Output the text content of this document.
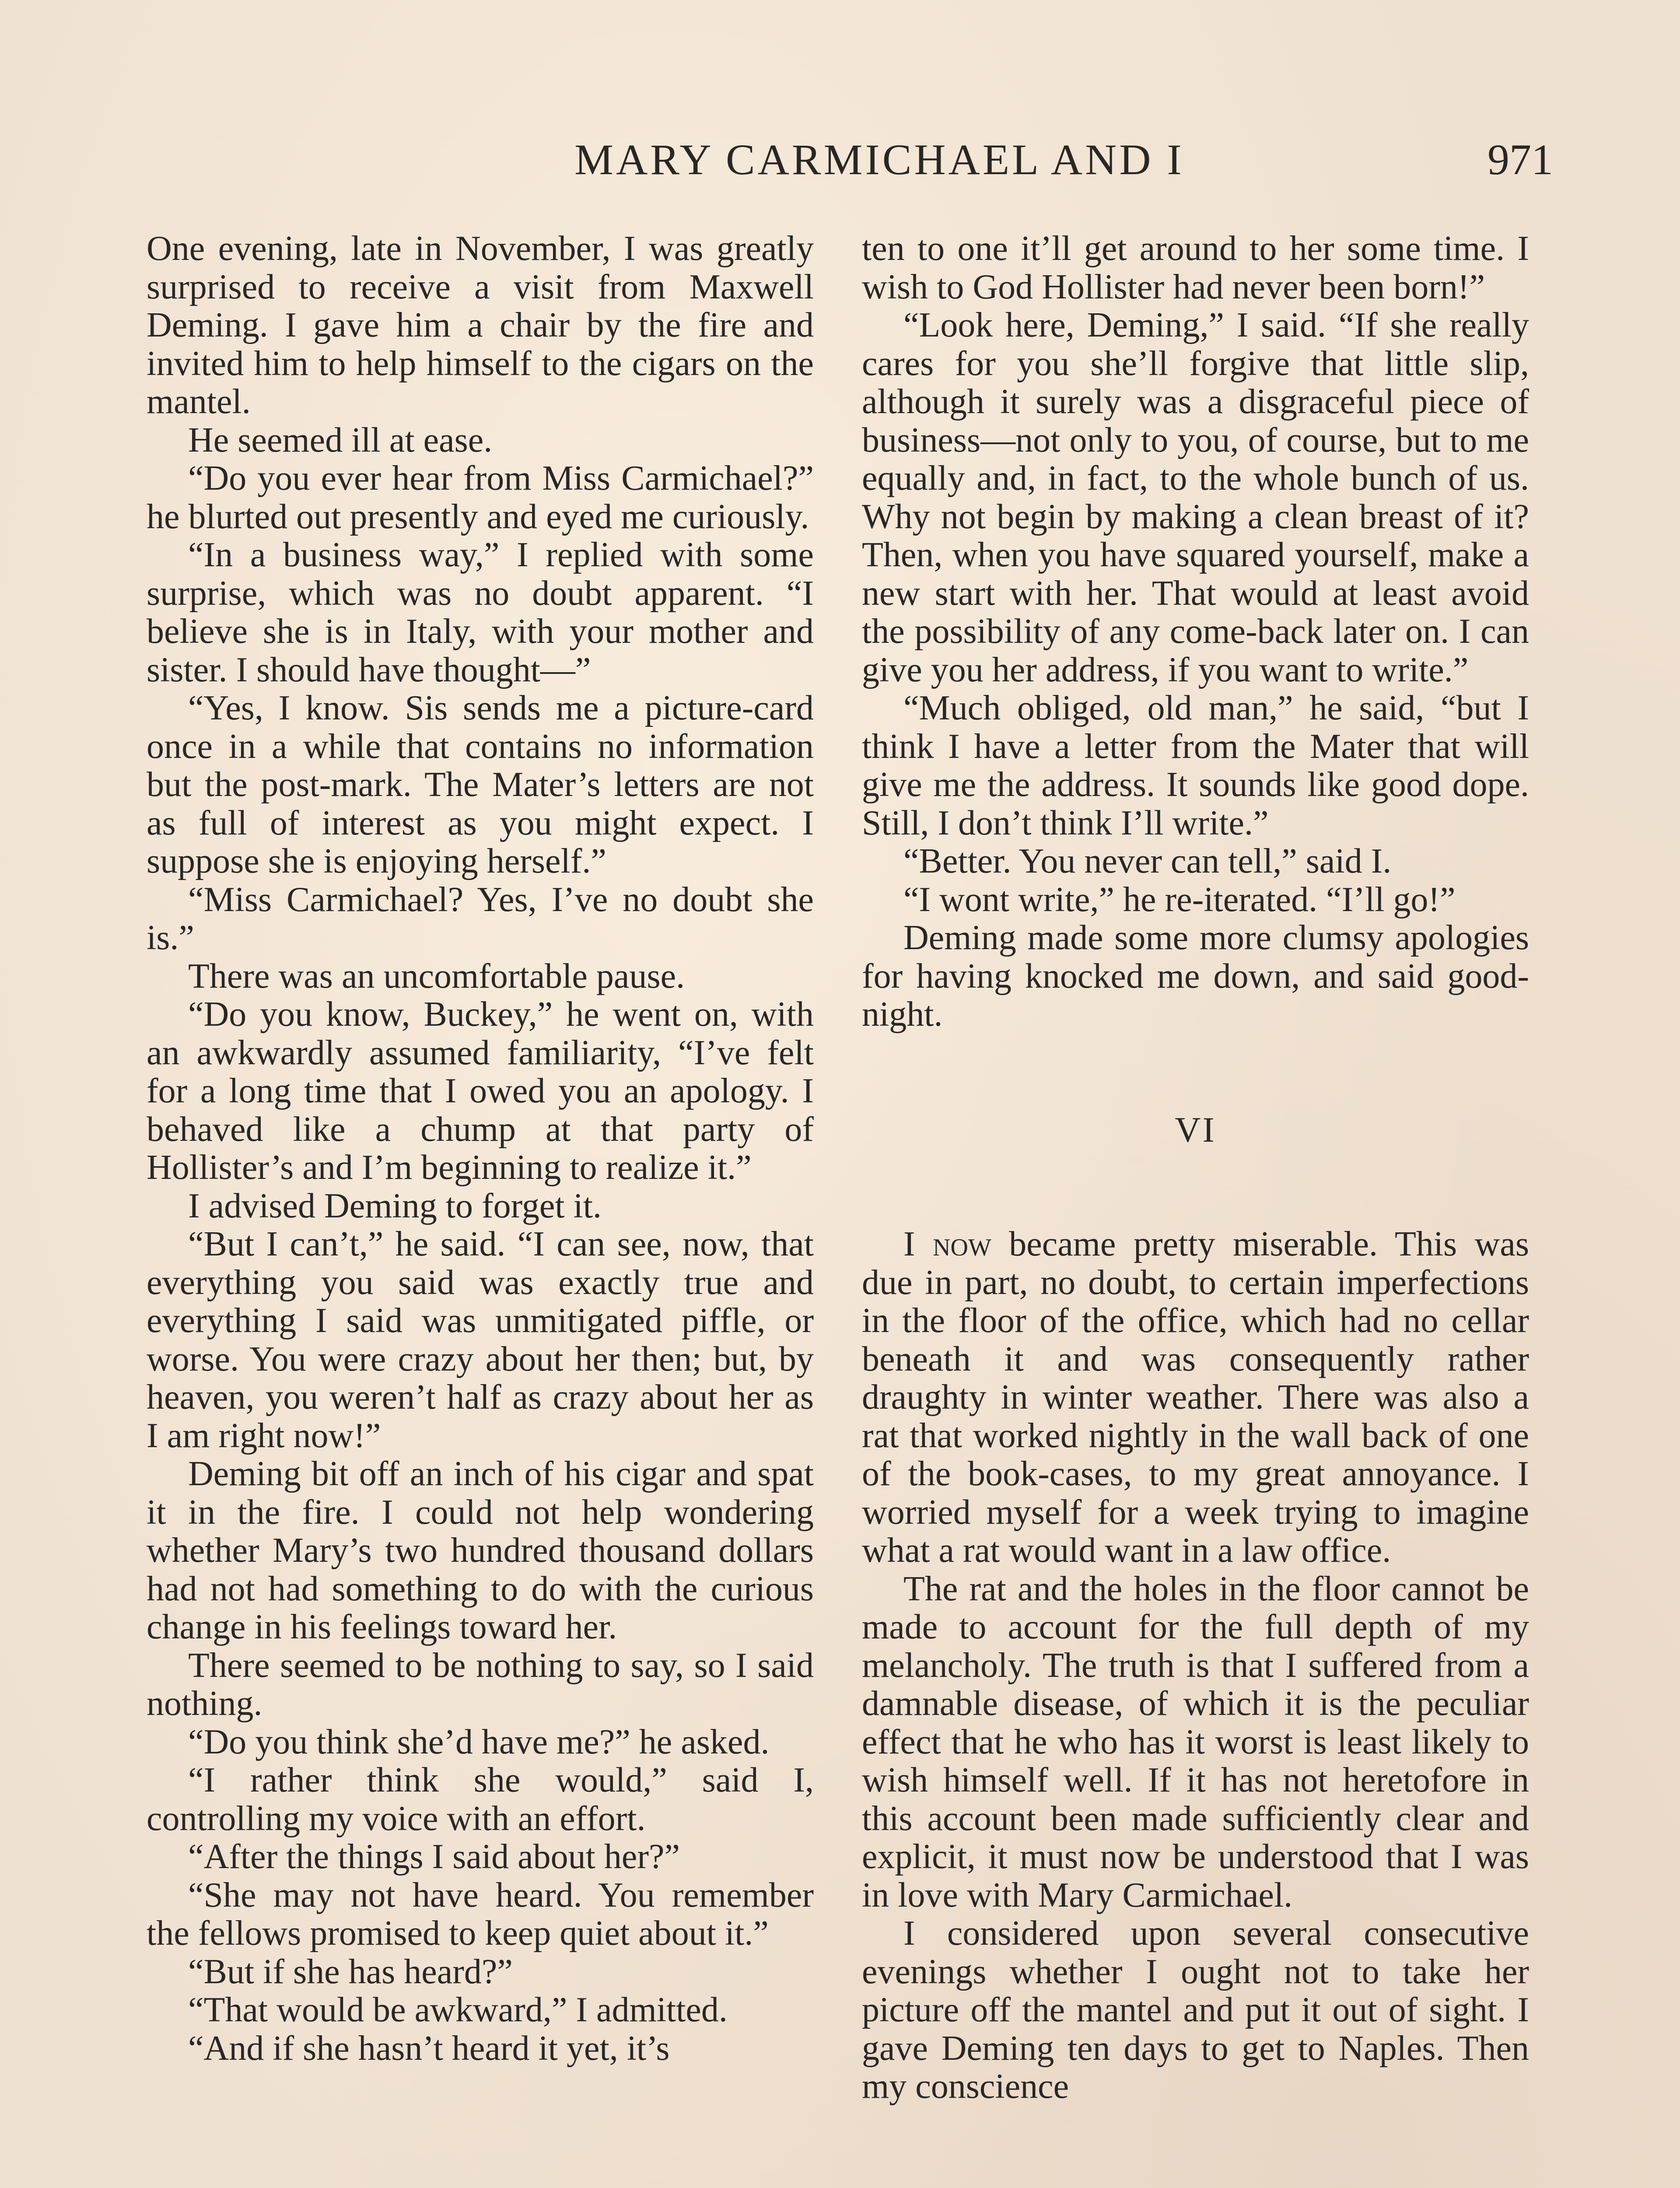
MARY CARMICHAEL AND I	971

One evening, late in November, I was greatly surprised to receive a visit from Maxwell Deming. I gave him a chair by the fire and invited him to help himself to the cigars on the mantel.

He seemed ill at ease.

“Do you ever hear from Miss Carmichael?” he blurted out presently and eyed me curiously.

“In a business way,” I replied with some surprise, which was no doubt apparent. “I believe she is in Italy, with your mother and sister. I should have thought—”

“Yes, I know. Sis sends me a picture-card once in a while that contains no information but the post-mark. The Mater’s letters are not as full of interest as you might expect. I suppose she is enjoying herself.”

“Miss Carmichael? Yes, I’ve no doubt she is.”

There was an uncomfortable pause.

“Do you know, Buckey,” he went on, with an awkwardly assumed familiarity, “I’ve felt for a long time that I owed you an apology. I behaved like a chump at that party of Hollister’s and I’m beginning to realize it.”

I advised Deming to forget it.

“But I can’t,” he said. “I can see, now, that everything you said was exactly true and everything I said was unmitigated piffle, or worse. You were crazy about her then; but, by heaven, you weren’t half as crazy about her as I am right now!”

Deming bit off an inch of his cigar and spat it in the fire. I could not help wondering whether Mary’s two hundred thousand dollars had not had something to do with the curious change in his feelings toward her.

There seemed to be nothing to say, so I said nothing.

“Do you think she’d have me?” he asked.

“I rather think she would,” said I, controlling my voice with an effort.

“After the things I said about her?”

“She may not have heard. You remember the fellows promised to keep quiet about it.”

“But if she has heard?”

“That would be awkward,” I admitted.

“And if she hasn’t heard it yet, it’s

ten to one it’ll get around to her some time. I wish to God Hollister had never been born!”

“Look here, Deming,” I said. “If she really cares for you she’ll forgive that little slip, although it surely was a disgraceful piece of business—not only to you, of course, but to me equally and, in fact, to the whole bunch of us. Why not begin by making a clean breast of it? Then, when you have squared yourself, make a new start with her. That would at least avoid the possibility of any come-back later on. I can give you her address, if you want to write.”

“Much obliged, old man,” he said, “but I think I have a letter from the Mater that will give me the address. It sounds like good dope. Still, I don’t think I’ll write.”

“Better. You never can tell,” said I.

“I wont write,” he re-iterated. “I’ll go!”

Deming made some more clumsy apologies for having knocked me down, and said good-night.

VI

I now became pretty miserable. This was due in part, no doubt, to certain imperfections in the floor of the office, which had no cellar beneath it and was consequently rather draughty in winter weather. There was also a rat that worked nightly in the wall back of one of the book-cases, to my great annoyance. I worried myself for a week trying to imagine what a rat would want in a law office.

The rat and the holes in the floor cannot be made to account for the full depth of my melancholy. The truth is that I suffered from a damnable disease, of which it is the peculiar effect that he who has it worst is least likely to wish himself well. If it has not heretofore in this account been made sufficiently clear and explicit, it must now be understood that I was in love with Mary Carmichael.

I considered upon several consecutive evenings whether I ought not to take her picture off the mantel and put it out of sight. I gave Deming ten days to get to Naples. Then my conscience
